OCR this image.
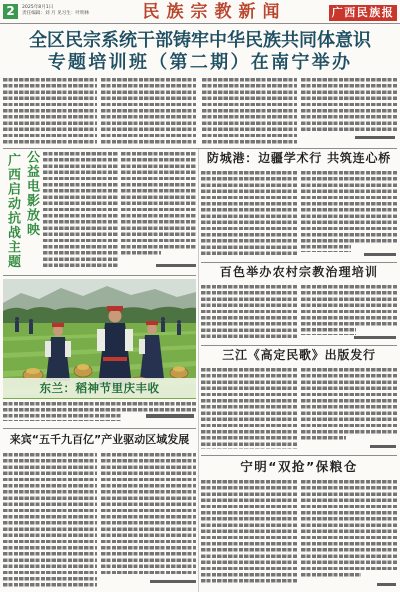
2	2025年8月1日
责任编辑：刘 月 见习生：叶明林	民族宗教新闻	广西民族报
全区民宗系统干部铸牢中华民族共同体意识
专题培训班（第二期）在南宁举办
广西启动抗战主题 公益电影放映
东兰：稻神节里庆丰收
来宾“五千九百亿”产业驱动区域发展
防城港：边疆学术行 共筑连心桥
百色举办农村宗教治理培训
三江《高定民歌》出版发行
宁明“双抢”保粮仓
